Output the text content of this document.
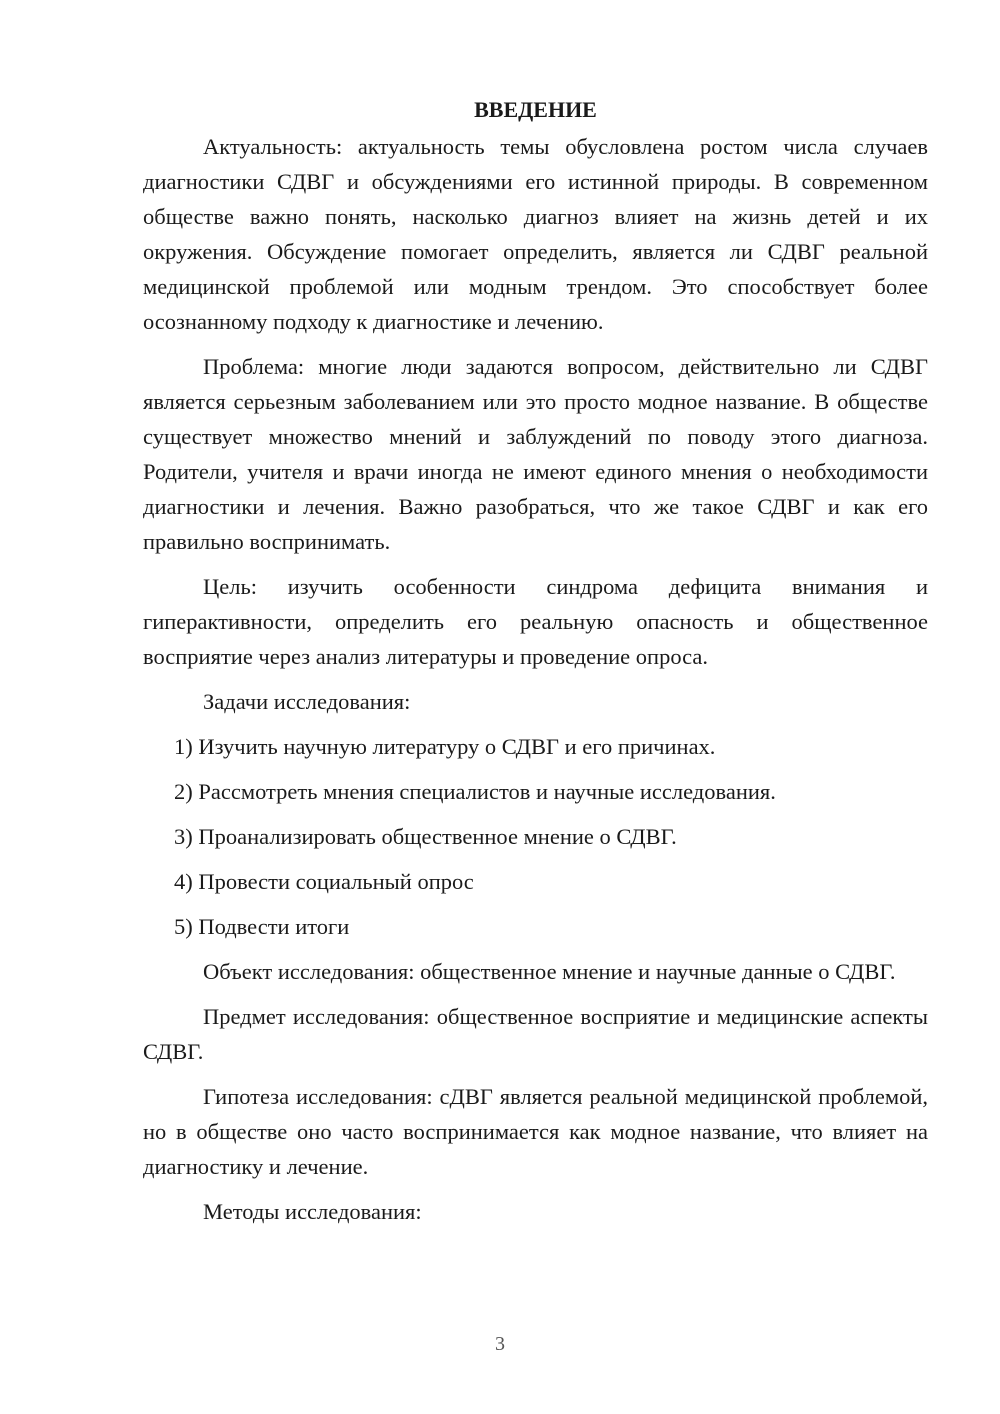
ВВЕДЕНИЕ

Актуальность: актуальность темы обусловлена ростом числа случаев диагностики СДВГ и обсуждениями его истинной природы. В современном обществе важно понять, насколько диагноз влияет на жизнь детей и их окружения. Обсуждение помогает определить, является ли СДВГ реальной медицинской проблемой или модным трендом. Это способствует более осознанному подходу к диагностике и лечению.

Проблема: многие люди задаются вопросом, действительно ли СДВГ является серьезным заболеванием или это просто модное название. В обществе существует множество мнений и заблуждений по поводу этого диагноза. Родители, учителя и врачи иногда не имеют единого мнения о необходимости диагностики и лечения. Важно разобраться, что же такое СДВГ и как его правильно воспринимать.

Цель: изучить особенности синдрома дефицита внимания и гиперактивности, определить его реальную опасность и общественное восприятие через анализ литературы и проведение опроса.

Задачи исследования:

1) Изучить научную литературу о СДВГ и его причинах.
2) Рассмотреть мнения специалистов и научные исследования.
3) Проанализировать общественное мнение о СДВГ.
4) Провести социальный опрос
5) Подвести итоги

Объект исследования: общественное мнение и научные данные о СДВГ.

Предмет исследования: общественное восприятие и медицинские аспекты СДВГ.

Гипотеза исследования: сДВГ является реальной медицинской проблемой, но в обществе оно часто воспринимается как модное название, что влияет на диагностику и лечение.

Методы исследования:

3
